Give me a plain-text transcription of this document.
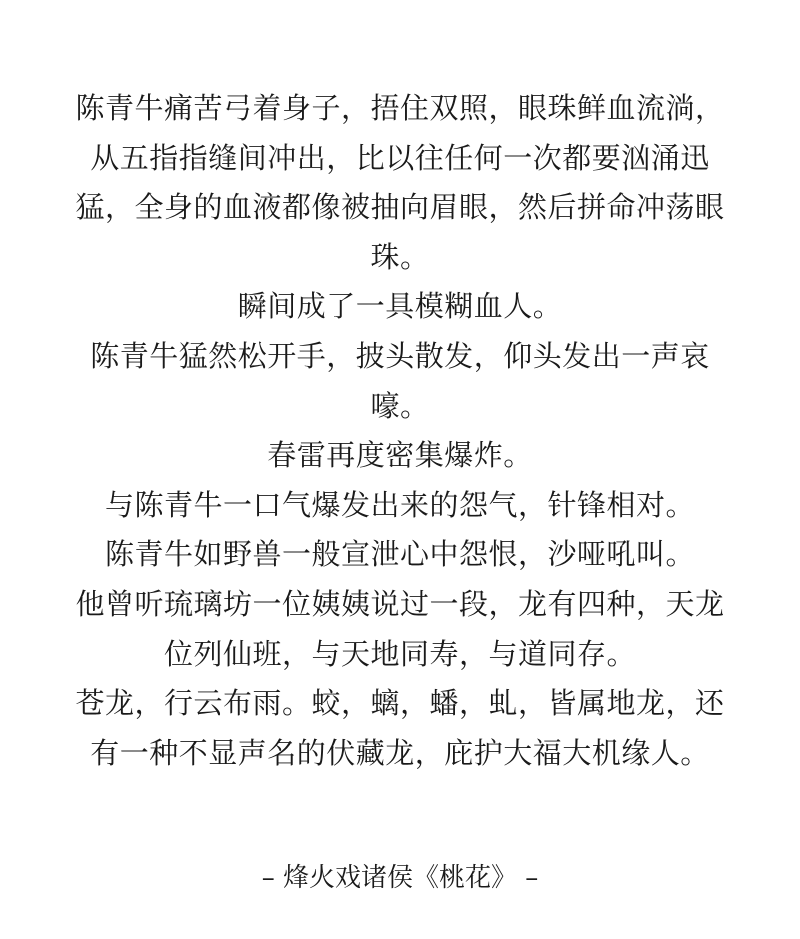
陈青牛痛苦弓着身子，捂住双照，眼珠鲜血流淌，
从五指指缝间冲出，比以往任何一次都要汹涌迅
猛，全身的血液都像被抽向眉眼，然后拼命冲荡眼
珠。
瞬间成了一具模糊血人。
陈青牛猛然松开手，披头散发，仰头发出一声哀
嚎。
春雷再度密集爆炸。
与陈青牛一口气爆发出来的怨气，针锋相对。
陈青牛如野兽一般宣泄心中怨恨，沙哑吼叫。
他曾听琉璃坊一位姨姨说过一段，龙有四种，天龙
位列仙班，与天地同寿，与道同存。
苍龙，行云布雨。蛟，螭，蟠，虬，皆属地龙，还
有一种不显声名的伏藏龙，庇护大福大机缘人。
– 烽火戏诸侯《桃花》 –
